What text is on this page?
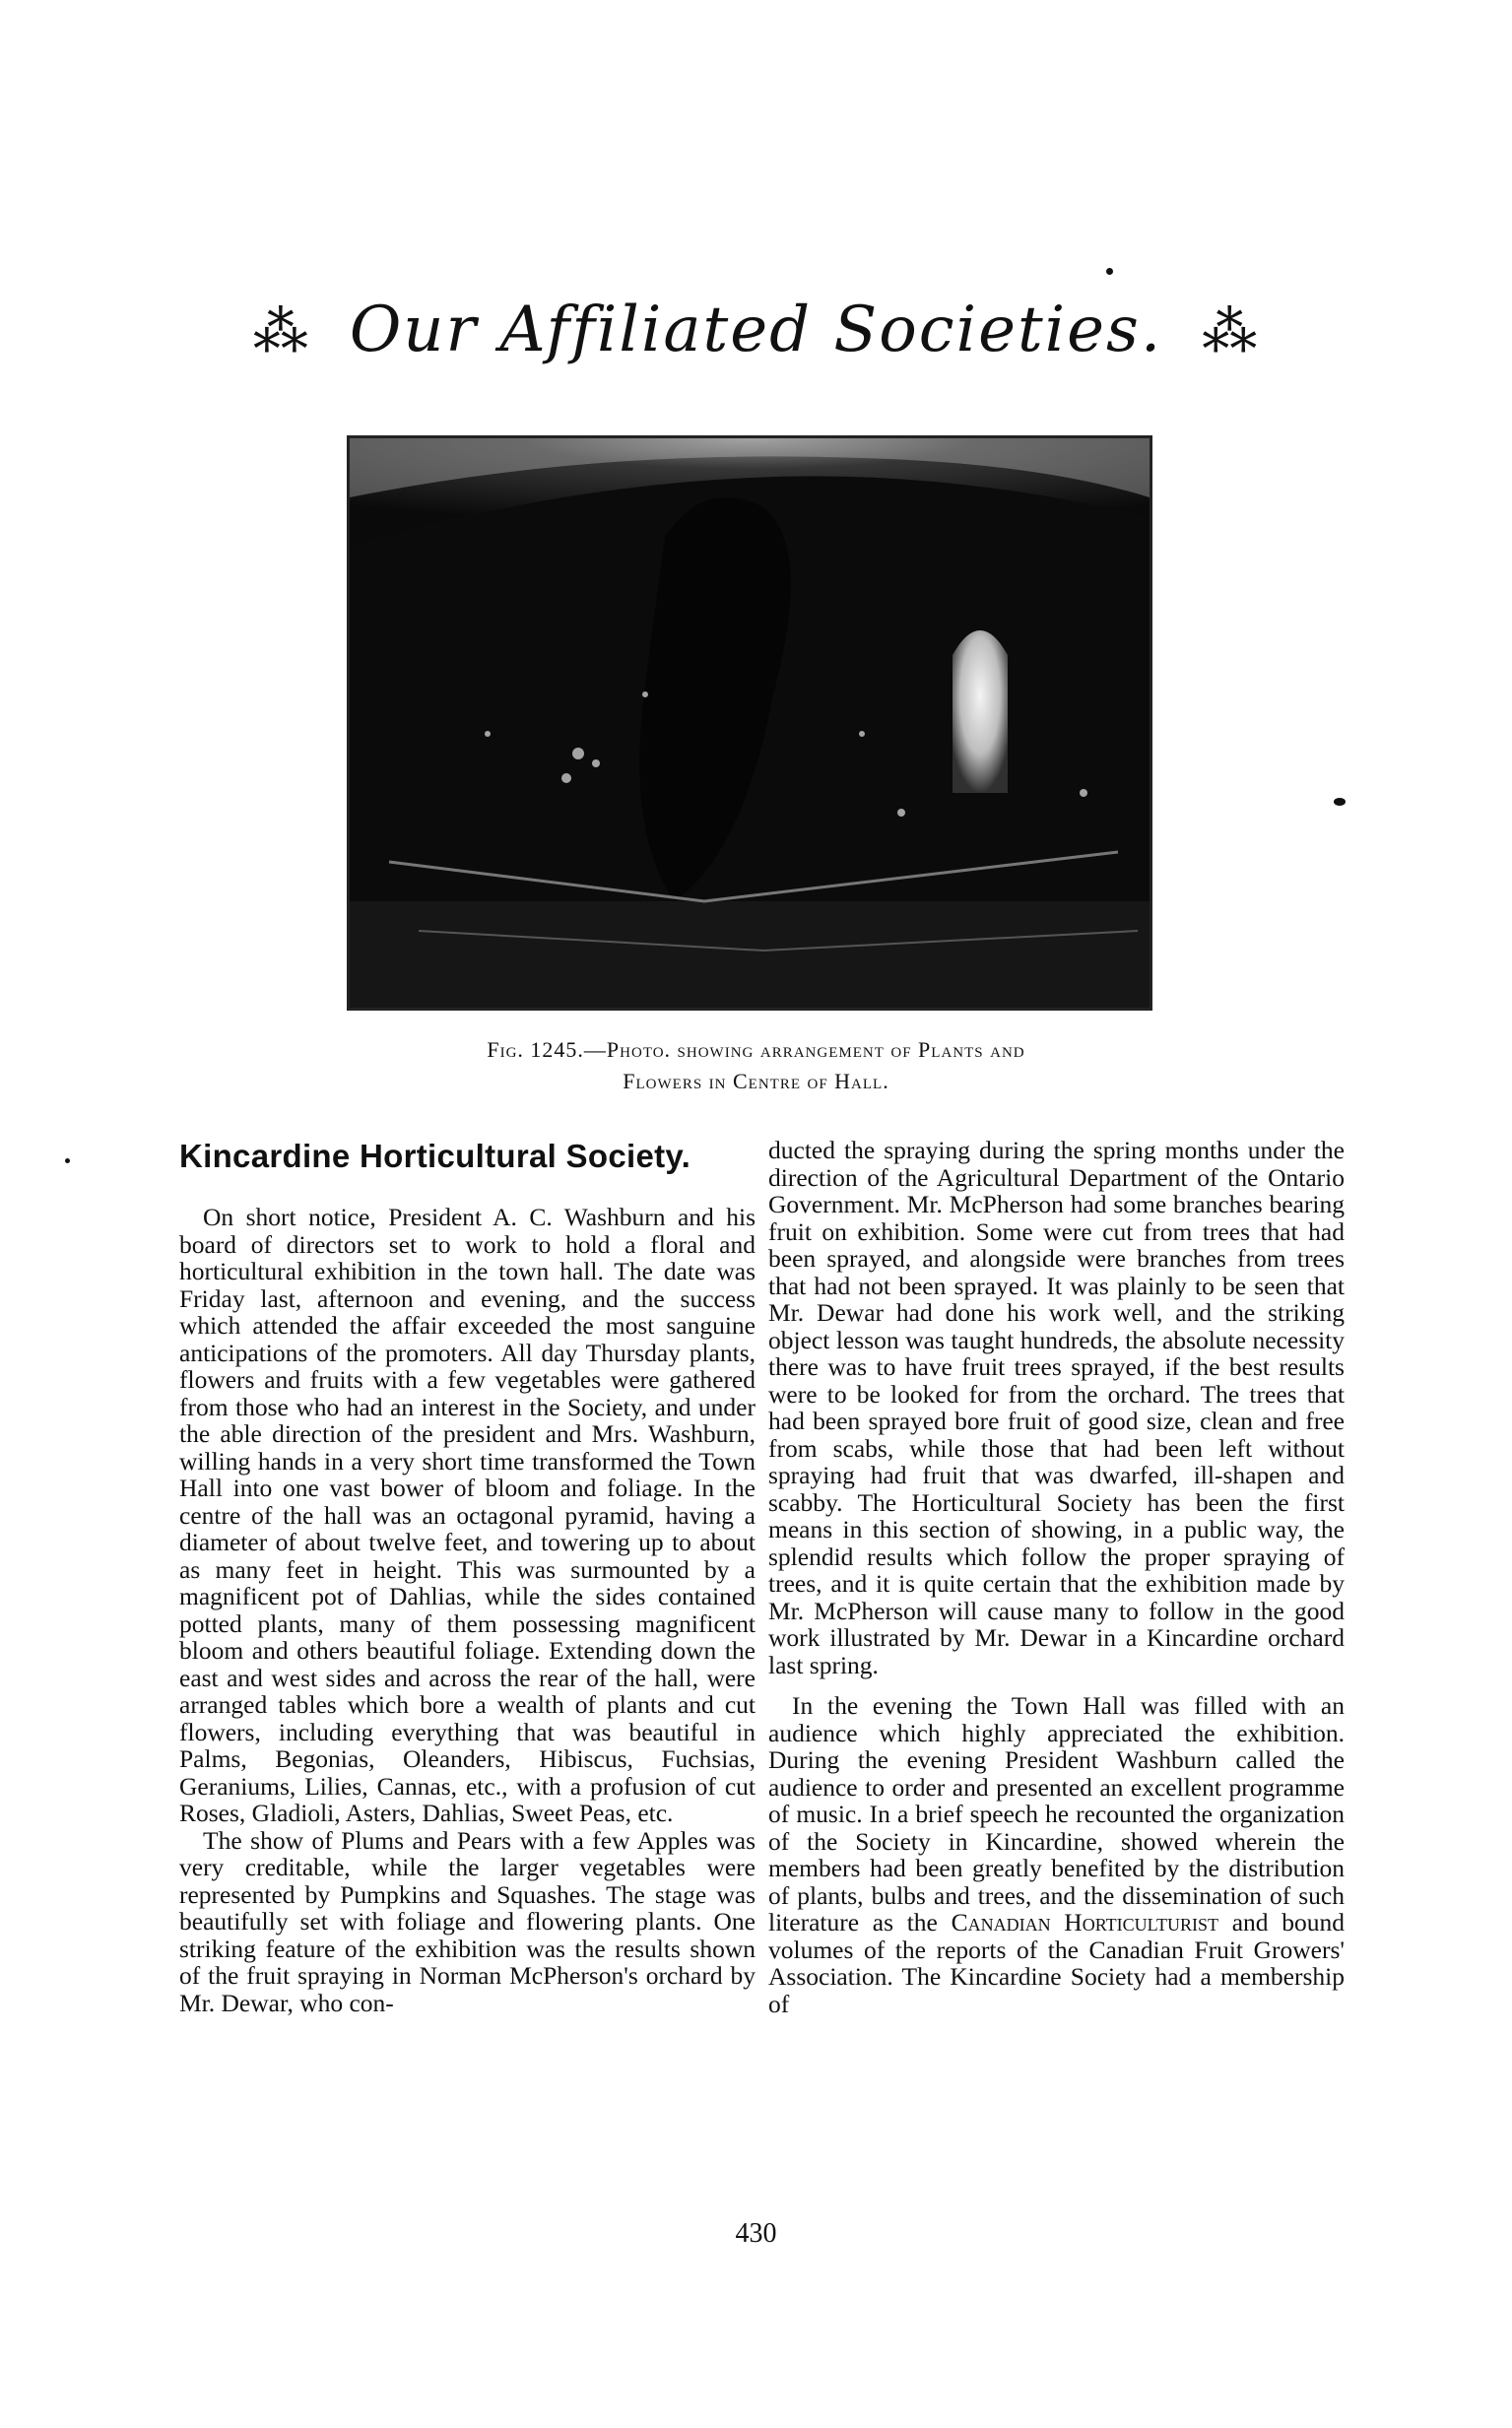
⁂ Our Affiliated Societies. ⁂
Fig. 1245.—Photo. showing arrangement of Plants and
Flowers in Centre of Hall.
Kincardine Horticultural Society.

On short notice, President A. C. Washburn and his board of directors set to work to hold a floral and horticultural exhibition in the town hall. The date was Friday last, afternoon and evening, and the success which attended the affair exceeded the most sanguine anticipations of the promoters. All day Thursday plants, flowers and fruits with a few vegetables were gathered from those who had an interest in the Society, and under the able direction of the president and Mrs. Washburn, willing hands in a very short time transformed the Town Hall into one vast bower of bloom and foliage. In the centre of the hall was an octagonal pyramid, having a diameter of about twelve feet, and towering up to about as many feet in height. This was surmounted by a magnificent pot of Dahlias, while the sides contained potted plants, many of them possessing magnificent bloom and others beautiful foliage. Extending down the east and west sides and across the rear of the hall, were arranged tables which bore a wealth of plants and cut flowers, including everything that was beautiful in Palms, Begonias, Oleanders, Hibiscus, Fuchsias, Geraniums, Lilies, Cannas, etc., with a profusion of cut Roses, Gladioli, Asters, Dahlias, Sweet Peas, etc.

The show of Plums and Pears with a few Apples was very creditable, while the larger vegetables were represented by Pumpkins and Squashes. The stage was beautifully set with foliage and flowering plants. One striking feature of the exhibition was the results shown of the fruit spraying in Norman McPherson's orchard by Mr. Dewar, who con-

ducted the spraying during the spring months under the direction of the Agricultural Department of the Ontario Government. Mr. McPherson had some branches bearing fruit on exhibition. Some were cut from trees that had been sprayed, and alongside were branches from trees that had not been sprayed. It was plainly to be seen that Mr. Dewar had done his work well, and the striking object lesson was taught hundreds, the absolute necessity there was to have fruit trees sprayed, if the best results were to be looked for from the orchard. The trees that had been sprayed bore fruit of good size, clean and free from scabs, while those that had been left without spraying had fruit that was dwarfed, ill-shapen and scabby. The Horticultural Society has been the first means in this section of showing, in a public way, the splendid results which follow the proper spraying of trees, and it is quite certain that the exhibition made by Mr. McPherson will cause many to follow in the good work illustrated by Mr. Dewar in a Kincardine orchard last spring.

In the evening the Town Hall was filled with an audience which highly appreciated the exhibition. During the evening President Washburn called the audience to order and presented an excellent programme of music. In a brief speech he recounted the organization of the Society in Kincardine, showed wherein the members had been greatly benefited by the distribution of plants, bulbs and trees, and the dissemination of such literature as the Canadian Horticulturist and bound volumes of the reports of the Canadian Fruit Growers' Association. The Kincardine Society had a membership of

430
